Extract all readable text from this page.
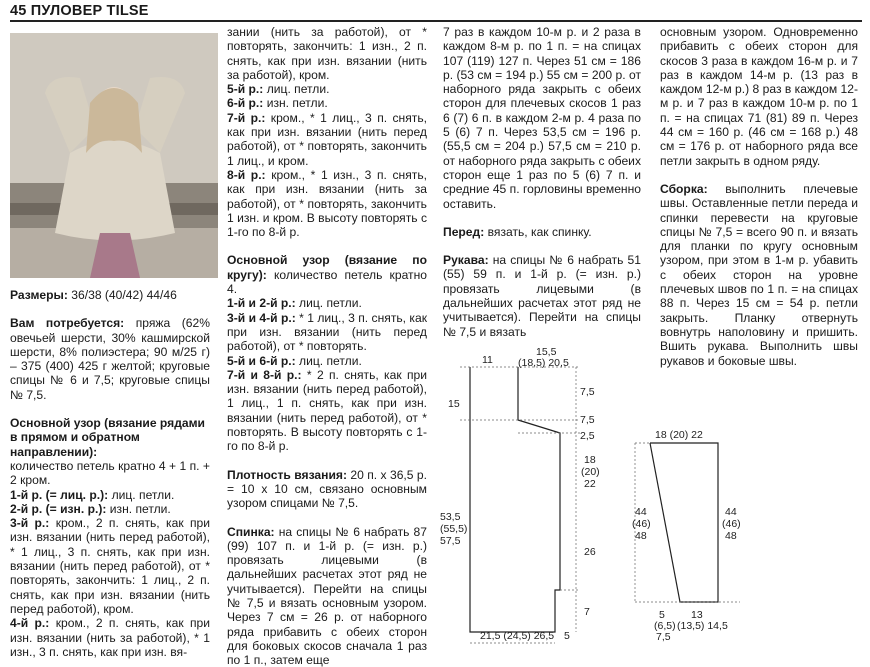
45 ПУЛОВЕР TILSE

Размеры: 36/38 (40/42) 44/46

Вам потребуется: пряжа (62% овечьей шерсти, 30% кашмирской шерсти, 8% полиэстера; 90 м/25 г) – 375 (400) 425 г желтой; круговые спицы № 6 и 7,5; круговые спицы № 7,5.

Основной узор (вязание рядами в прямом и обратном направлении):

количество петель кратно 4 + 1 п. + 2 кром.

1-й р. (= лиц. р.): лиц. петли.

2-й р. (= изн. р.): изн. петли.

3-й р.: кром., 2 п. снять, как при изн. вязании (нить перед работой), * 1 лиц., 3 п. снять, как при изн. вязании (нить перед работой), от * повторять, закончить: 1 лиц., 2 п. снять, как при изн. вязании (нить перед работой), кром.

4-й р.: кром., 2 п. снять, как при изн. вязании (нить за работой), * 1 изн., 3 п. снять, как при изн. вя-

зании (нить за работой), от * повторять, закончить: 1 изн., 2 п. снять, как при изн. вязании (нить за работой), кром.

5-й р.: лиц. петли.

6-й р.: изн. петли.

7-й р.: кром., * 1 лиц., 3 п. снять, как при изн. вязании (нить перед работой), от * повторять, закончить 1 лиц., и кром.

8-й р.: кром., * 1 изн., 3 п. снять, как при изн. вязании (нить за работой), от * повторять, закончить 1 изн. и кром. В высоту повторять с 1-го по 8-й р.

Основной узор (вязание по кругу): количество петель кратно 4.

1-й и 2-й р.: лиц. петли.

3-й и 4-й р.: * 1 лиц., 3 п. снять, как при изн. вязании (нить перед работой), от * повторять.

5-й и 6-й р.: лиц. петли.

7-й и 8-й р.: * 2 п. снять, как при изн. вязании (нить перед работой), 1 лиц., 1 п. снять, как при изн. вязании (нить перед работой), от * повторять. В высоту повторять с 1-го по 8-й р.

Плотность вязания: 20 п. х 36,5 р. = 10 х 10 см, связано основным узором спицами № 7,5.

Спинка: на спицы № 6 набрать 87 (99) 107 п. и 1-й р. (= изн. р.) провязать лицевыми (в дальнейших расчетах этот ряд не учитывается). Перейти на спицы № 7,5 и вязать основным узором. Через 7 см = 26 р. от наборного ряда прибавить с обеих сторон для боковых скосов сначала 1 раз по 1 п., затем еще

7 раз в каждом 10-м р. и 2 раза в каждом 8-м р. по 1 п. = на спицах 107 (119) 127 п. Через 51 см = 186 р. (53 см = 194 р.) 55 см = 200 р. от наборного ряда закрыть с обеих сторон для плечевых скосов 1 раз 6 (7) 6 п. в каждом 2-м р. 4 раза по 5 (6) 7 п. Через 53,5 см = 196 р. (55,5 см = 204 р.) 57,5 см = 210 р. от наборного ряда закрыть с обеих сторон еще 1 раз по 5 (6) 7 п. и средние 45 п. горловины временно оставить.

Перед: вязать, как спинку.

Рукава: на спицы № 6 набрать 51 (55) 59 п. и 1-й р. (= изн. р.) провязать лицевыми (в дальнейших расчетах этот ряд не учитывается). Перейти на спицы № 7,5 и вязать

основным узором. Одновременно прибавить с обеих сторон для скосов 3 раза в каждом 16-м р. и 7 раз в каждом 14-м р. (13 раз в каждом 12-м р.) 8 раз в каждом 12-м р. и 7 раз в каждом 10-м р. по 1 п. = на спицах 71 (81) 89 п. Через 44 см = 160 р. (46 см = 168 р.) 48 см = 176 р. от наборного ряда все петли закрыть в одном ряду.

Сборка: выполнить плечевые швы. Оставленные петли переда и спинки перевести на круговые спицы № 7,5 = всего 90 п. и вязать для планки по кругу основным узором, при этом в 1-м р. убавить с обеих сторон на уровне плечевых швов по 1 п. = на спицах 88 п. Через 15 см = 54 р. петли закрыть. Планку отвернуть вовнутрь наполовину и пришить. Вшить рукава. Выполнить швы рукавов и боковые швы.

11
15,5
(18,5) 20,5
15
7,5
7,5
2,5
18
(20)
22
53,5
(55,5)
57,5
26
7
21,5 (24,5) 26,5 5
18 (20) 22
44
(46)
48
44
(46)
48
5
(6,5)
7,5
13
(13,5) 14,5
